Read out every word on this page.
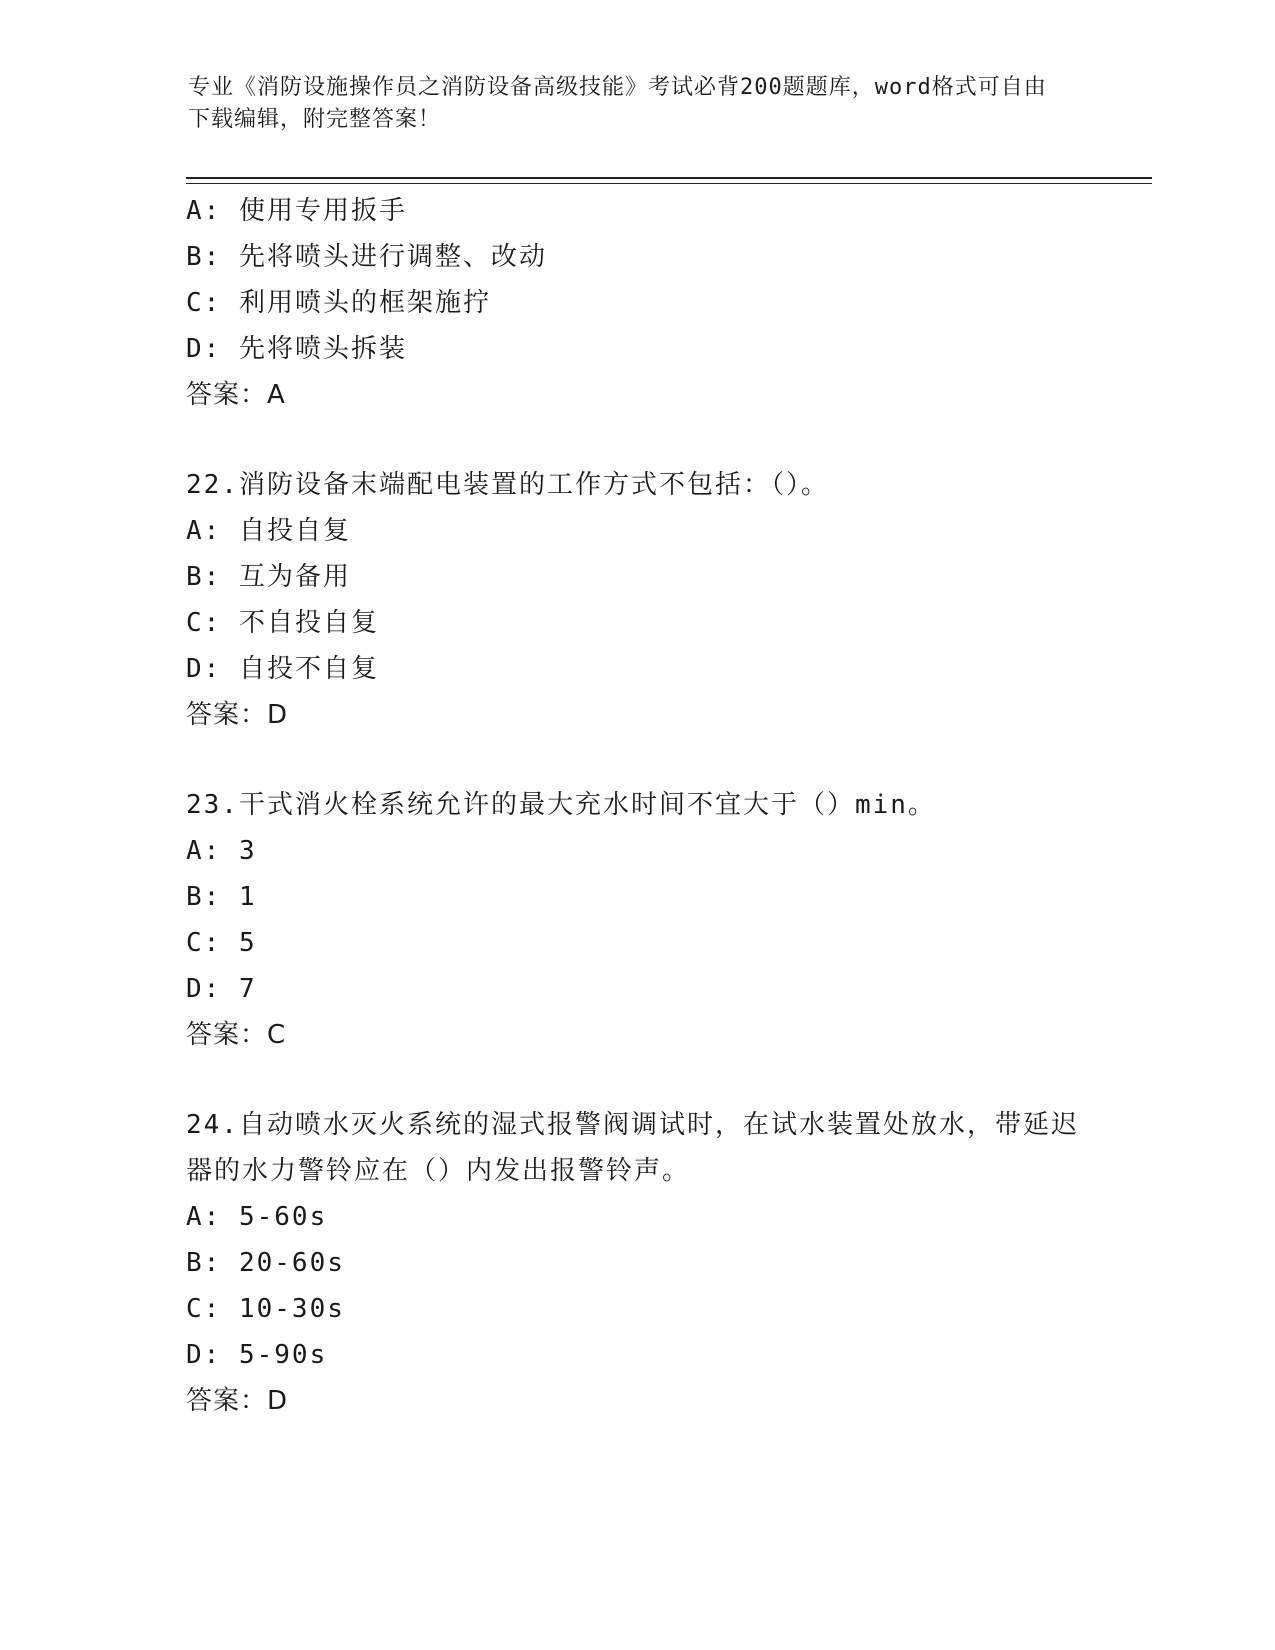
专业《消防设施操作员之消防设备高级技能》考试必背200题题库，word格式可自由下载编辑，附完整答案！
A: 使用专用扳手
B: 先将喷头进行调整、改动
C: 利用喷头的框架施拧
D: 先将喷头拆装
答案：A
22.消防设备末端配电装置的工作方式不包括：（）。
A: 自投自复
B: 互为备用
C: 不自投自复
D: 自投不自复
答案：D
23.干式消火栓系统允许的最大充水时间不宜大于（）min。
A: 3
B: 1
C: 5
D: 7
答案：C
24.自动喷水灭火系统的湿式报警阀调试时，在试水装置处放水，带延迟器的水力警铃应在（）内发出报警铃声。
A: 5-60s
B: 20-60s
C: 10-30s
D: 5-90s
答案：D
